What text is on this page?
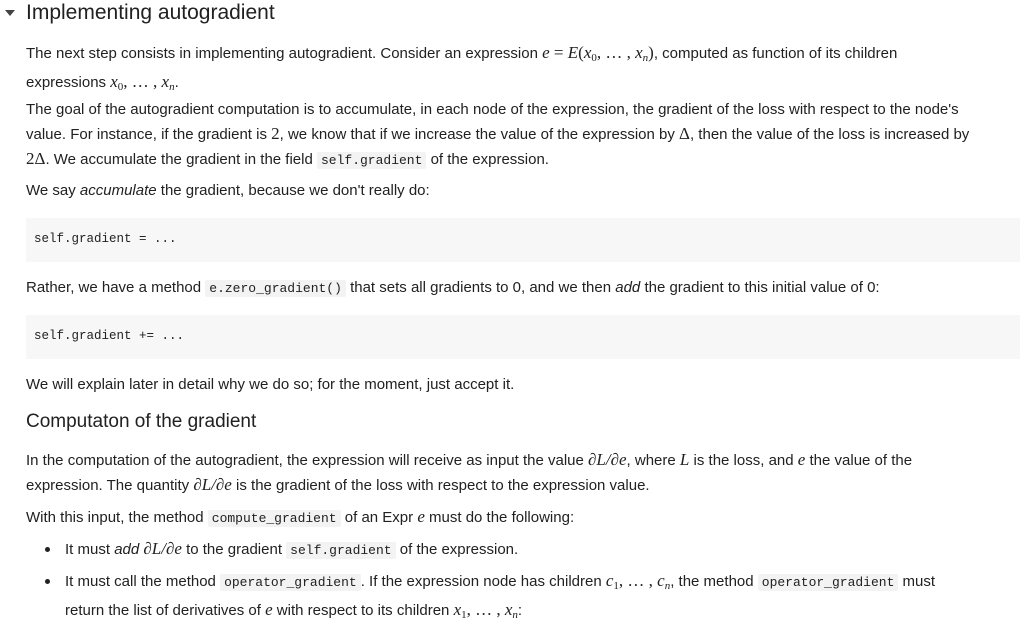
Implementing autogradient
The next step consists in implementing autogradient. Consider an expression $e = E(x_0$, … , $x_n$), computed as function of its children
expressions $x_0$, … , $x_n$.
The goal of the autogradient computation is to accumulate, in each node of the expression, the gradient of the loss with respect to the node's
value. For instance, if the gradient is 2, we know that if we increase the value of the expression by Δ, then the value of the loss is increased by
2Δ. We accumulate the gradient in the field self.gradient of the expression.
We say accumulate the gradient, because we don't really do:
self.gradient = ...
Rather, we have a method e.zero_gradient() that sets all gradients to 0, and we then add the gradient to this initial value of 0:
self.gradient += ...
We will explain later in detail why we do so; for the moment, just accept it.
Computaton of the gradient
In the computation of the autogradient, the expression will receive as input the value ∂L/∂e, where L is the loss, and e the value of the
expression. The quantity ∂L/∂e is the gradient of the loss with respect to the expression value.
With this input, the method compute_gradient of an Expr e must do the following:
It must add ∂L/∂e to the gradient self.gradient of the expression.
It must call the method operator_gradient . If the expression node has children $c_1$, … , $c_n$, the method operator_gradient must
return the list of derivatives of e with respect to its children $x_1$, … , $x_n$:
